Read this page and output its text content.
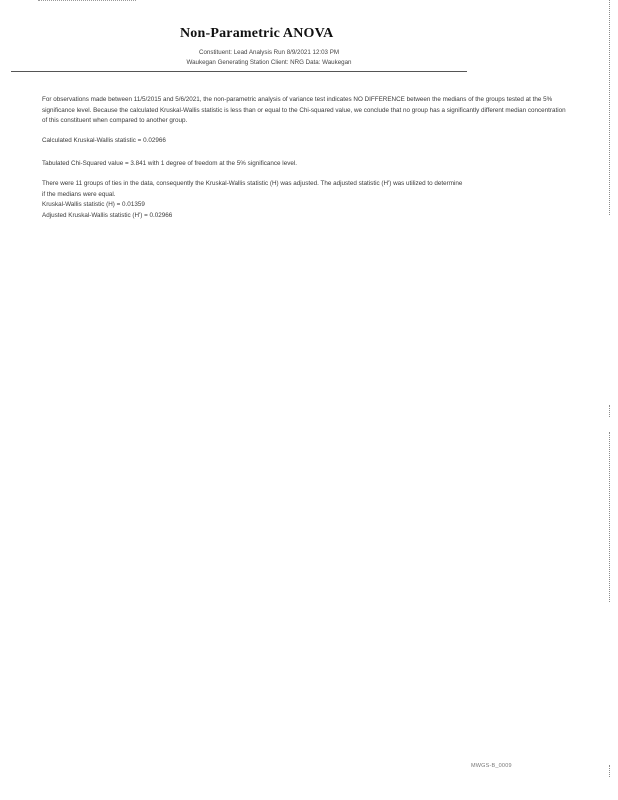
Non-Parametric ANOVA
Constituent: Lead Analysis Run 8/9/2021 12:03 PM
Waukegan Generating Station Client: NRG Data: Waukegan

For observations made between 11/5/2015 and 5/6/2021, the non-parametric analysis of variance test indicates NO DIFFERENCE between the medians of the groups tested at the 5% significance level. Because the calculated Kruskal-Wallis statistic is less than or equal to the Chi-squared value, we conclude that no group has a significantly different median concentration of this constituent when compared to another group.

Calculated Kruskal-Wallis statistic = 0.02966

Tabulated Chi-Squared value = 3.841 with 1 degree of freedom at the 5% significance level.

There were 11 groups of ties in the data, consequently the Kruskal-Wallis statistic (H) was adjusted. The adjusted statistic (H') was utilized to determine

if the medians were equal.

Kruskal-Wallis statistic (H) = 0.01359

Adjusted Kruskal-Wallis statistic (H') = 0.02966

MWGS-B_0009
